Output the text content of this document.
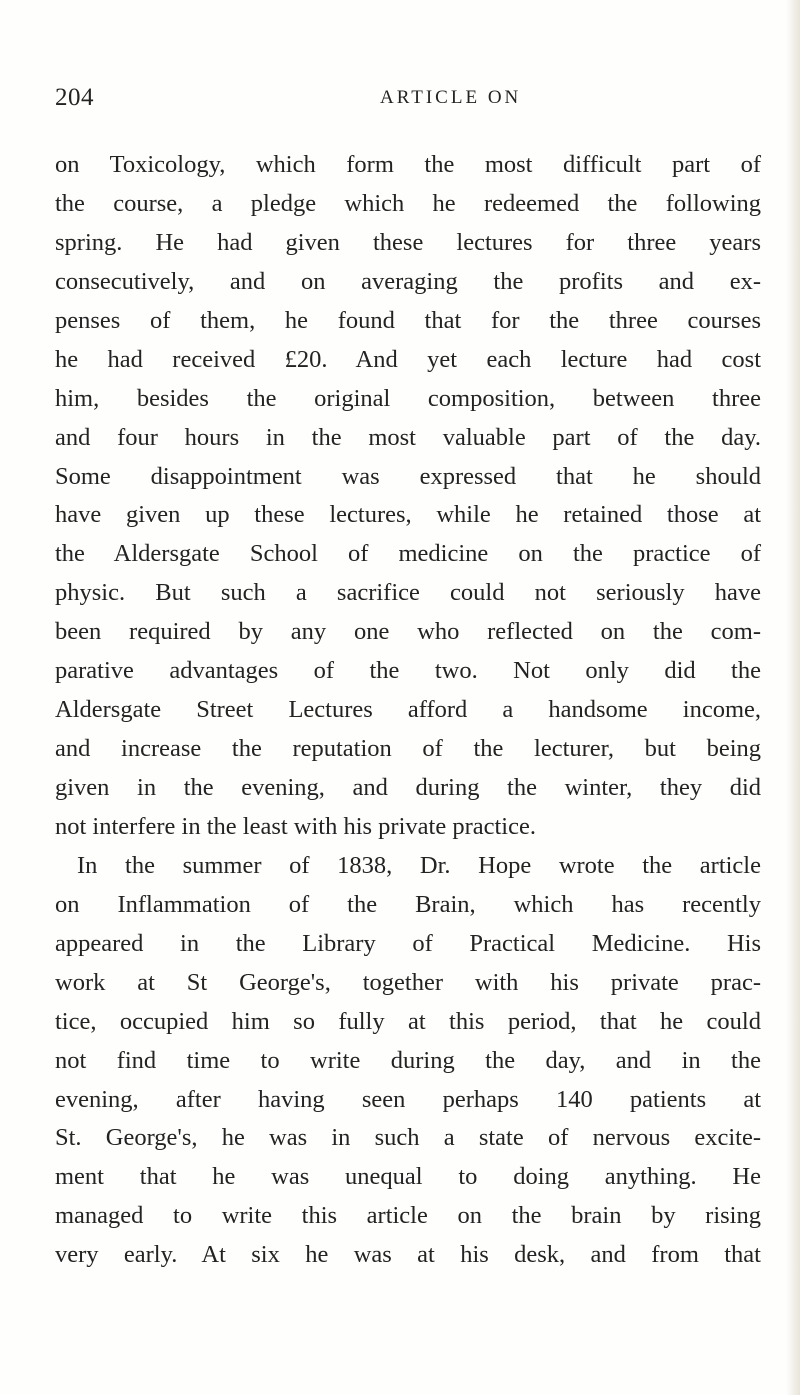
204	ARTICLE ON
on Toxicology, which form the most difficult part of
the course, a pledge which he redeemed the following
spring. He had given these lectures for three years
consecutively, and on averaging the profits and ex-
penses of them, he found that for the three courses
he had received £20. And yet each lecture had cost
him, besides the original composition, between three
and four hours in the most valuable part of the day.
Some disappointment was expressed that he should
have given up these lectures, while he retained those at
the Aldersgate School of medicine on the practice of
physic. But such a sacrifice could not seriously have
been required by any one who reflected on the com-
parative advantages of the two. Not only did the
Aldersgate Street Lectures afford a handsome income,
and increase the reputation of the lecturer, but being
given in the evening, and during the winter, they did
not interfere in the least with his private practice.
In the summer of 1838, Dr. Hope wrote the article
on Inflammation of the Brain, which has recently
appeared in the Library of Practical Medicine. His
work at St George's, together with his private prac-
tice, occupied him so fully at this period, that he could
not find time to write during the day, and in the
evening, after having seen perhaps 140 patients at
St. George's, he was in such a state of nervous excite-
ment that he was unequal to doing anything. He
managed to write this article on the brain by rising
very early. At six he was at his desk, and from that
